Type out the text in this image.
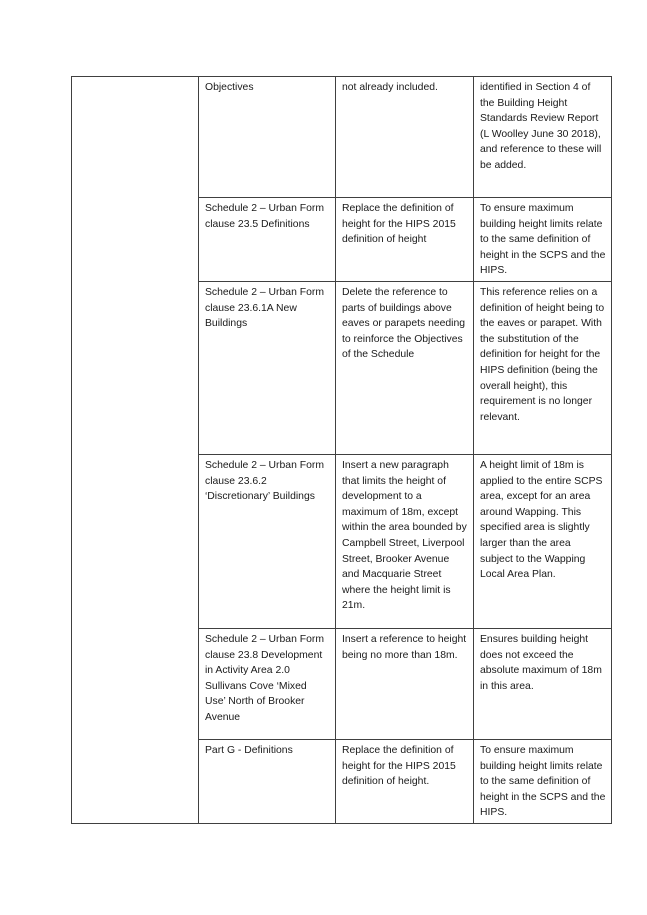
	Objectives	not already included.	identified in Section 4 of the Building Height Standards Review Report (L Woolley June 30 2018), and reference to these will be added.
	Schedule 2 – Urban Form clause 23.5 Definitions	Replace the definition of height for the HIPS 2015 definition of height	To ensure maximum building height limits relate to the same definition of height in the SCPS and the HIPS.
	Schedule 2 – Urban Form clause 23.6.1A New Buildings	Delete the reference to parts of buildings above eaves or parapets needing to reinforce the Objectives of the Schedule	This reference relies on a definition of height being to the eaves or parapet. With the substitution of the definition for height for the HIPS definition (being the overall height), this requirement is no longer relevant.
	Schedule 2 – Urban Form clause 23.6.2 ‘Discretionary’ Buildings	Insert a new paragraph that limits the height of development to a maximum of 18m, except within the area bounded by Campbell Street, Liverpool Street, Brooker Avenue and Macquarie Street where the height limit is 21m.	A height limit of 18m is applied to the entire SCPS area, except for an area around Wapping. This specified area is slightly larger than the area subject to the Wapping Local Area Plan.
	Schedule 2 – Urban Form clause 23.8 Development in Activity Area 2.0 Sullivans Cove ‘Mixed Use’ North of Brooker Avenue	Insert a reference to height being no more than 18m.	Ensures building height does not exceed the absolute maximum of 18m in this area.
	Part G - Definitions	Replace the definition of height for the HIPS 2015 definition of height.	To ensure maximum building height limits relate to the same definition of height in the SCPS and the HIPS.
